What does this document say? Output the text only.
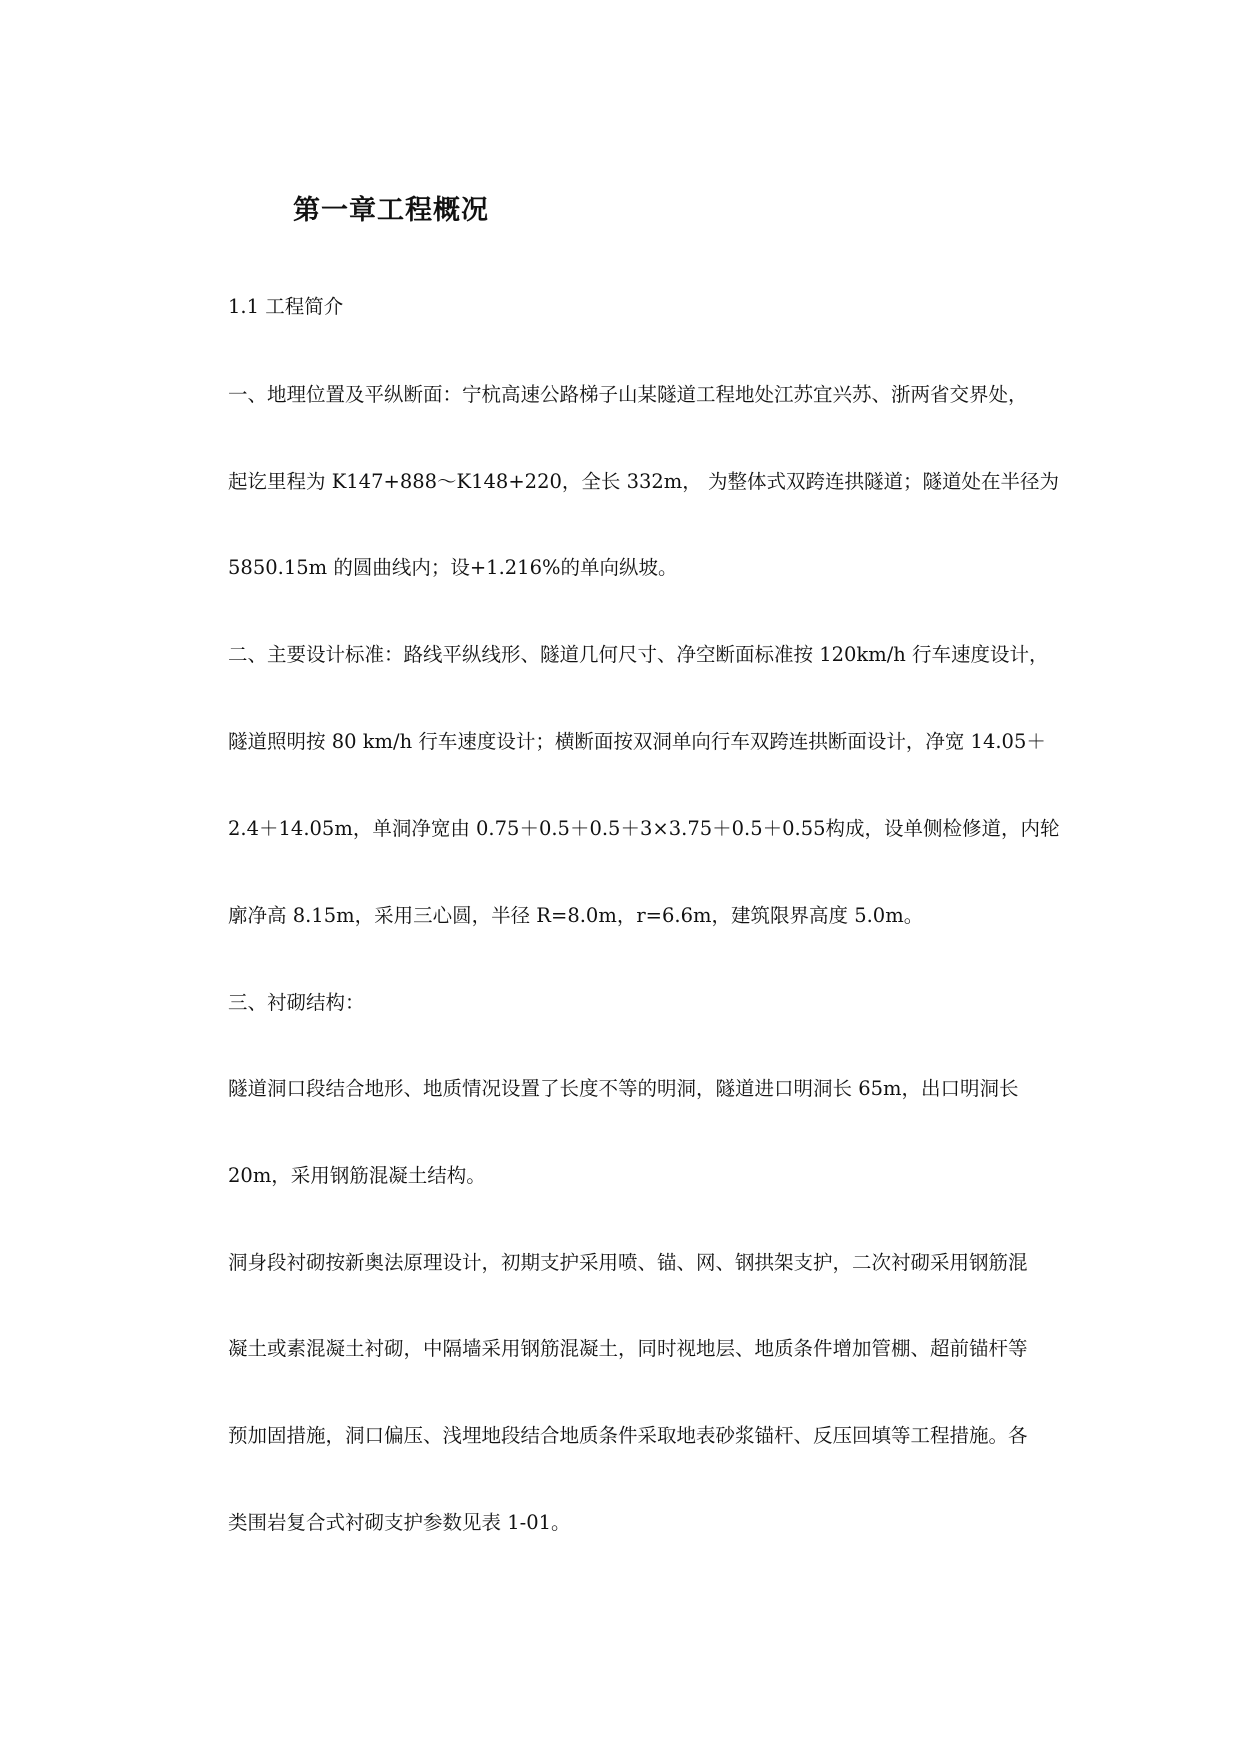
第一章工程概况
1.1 工程简介
一、地理位置及平纵断面：宁杭高速公路梯子山某隧道工程地处江苏宜兴苏、浙两省交界处，
起讫里程为 K147+888～K148+220，全长 332m， 为整体式双跨连拱隧道；隧道处在半径为
5850.15m 的圆曲线内；设+1.216%的单向纵坡。
二、主要设计标准：路线平纵线形、隧道几何尺寸、净空断面标准按 120km/h 行车速度设计，
隧道照明按 80 km/h 行车速度设计；横断面按双洞单向行车双跨连拱断面设计，净宽 14.05＋
2.4＋14.05m，单洞净宽由 0.75＋0.5＋0.5＋3×3.75＋0.5＋0.55构成，设单侧检修道，内轮
廓净高 8.15m，采用三心圆，半径 R=8.0m，r=6.6m，建筑限界高度 5.0m。
三、衬砌结构：
隧道洞口段结合地形、地质情况设置了长度不等的明洞，隧道进口明洞长 65m，出口明洞长
20m，采用钢筋混凝土结构。
洞身段衬砌按新奥法原理设计，初期支护采用喷、锚、网、钢拱架支护，二次衬砌采用钢筋混
凝土或素混凝土衬砌，中隔墙采用钢筋混凝土，同时视地层、地质条件增加管棚、超前锚杆等
预加固措施，洞口偏压、浅埋地段结合地质条件采取地表砂浆锚杆、反压回填等工程措施。各
类围岩复合式衬砌支护参数见表 1-01。
